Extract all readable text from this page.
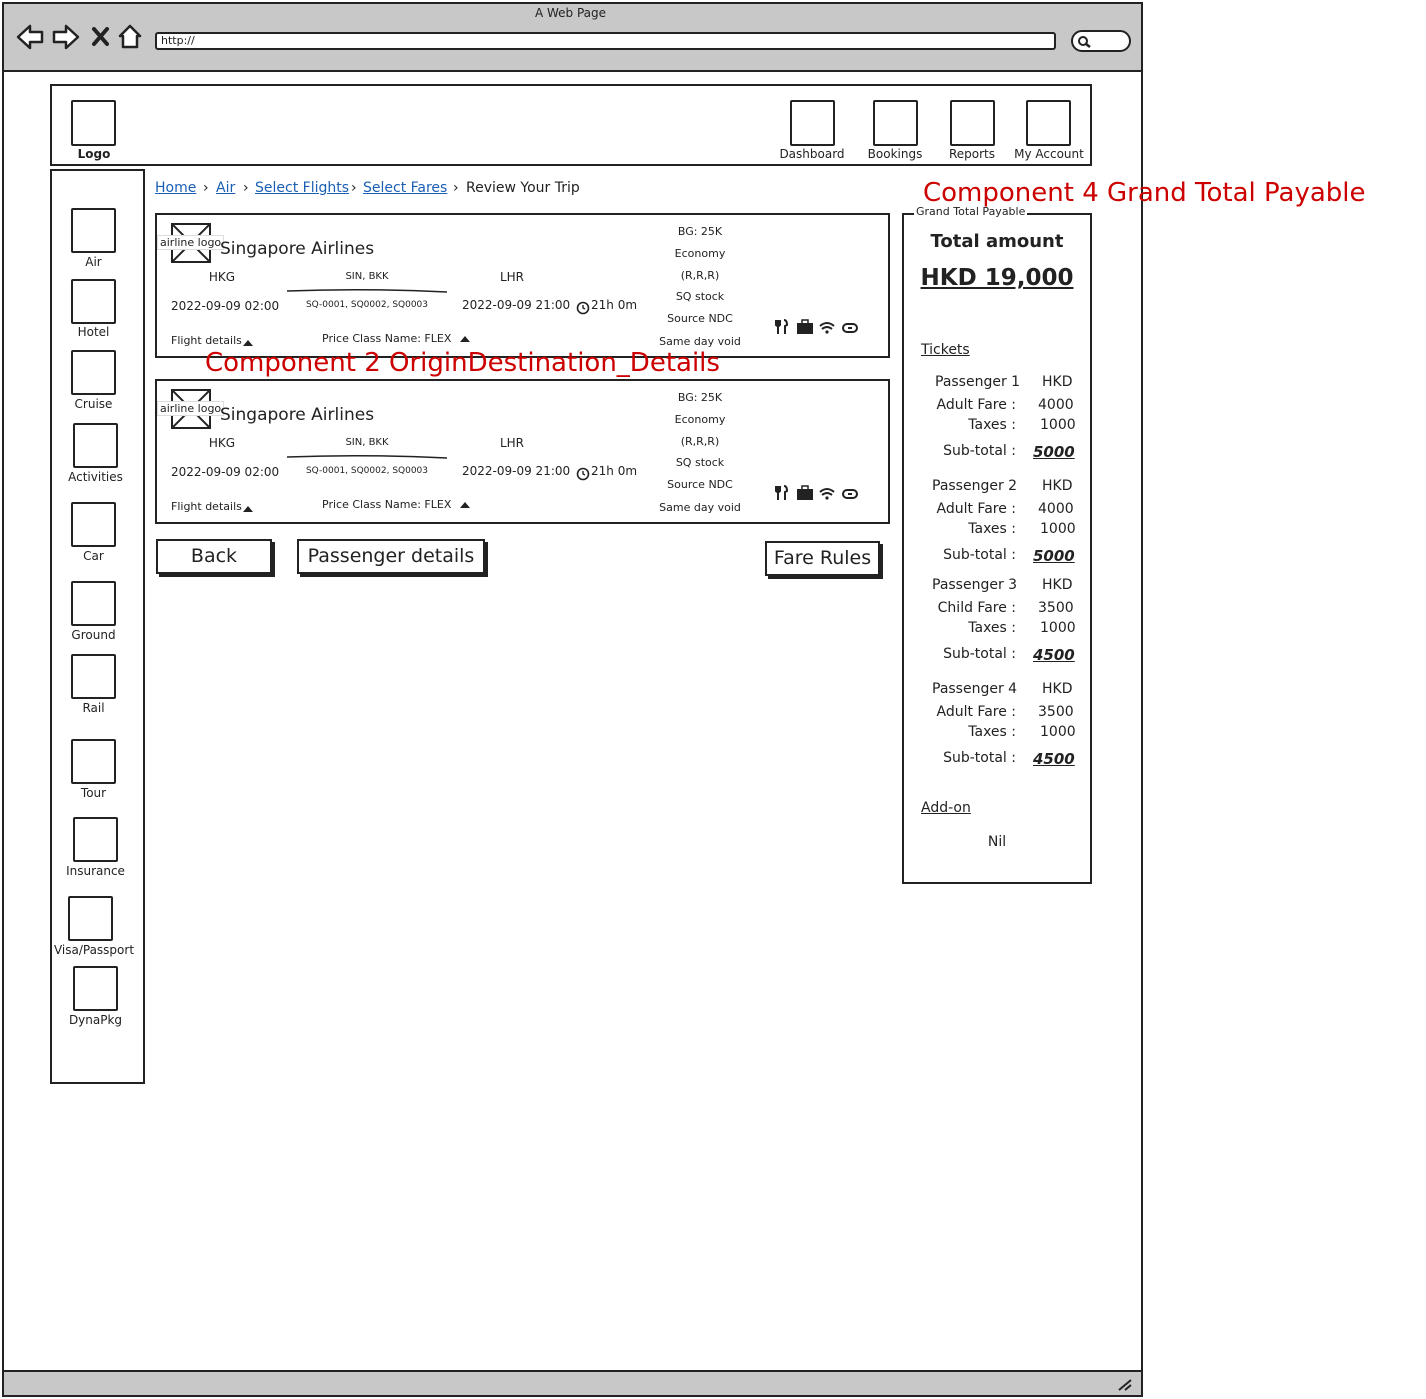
A Web Page
http://
Logo	Dashboard	Bookings	Reports	My Account
Air
Hotel
Cruise
Activities
Car
Ground
Rail
Tour
Insurance
Visa/Passport
DynaPkg
Home › Air › Select Flights › Select Fares › Review Your Trip
airline logo
Singapore Airlines
HKG	SIN, BKK	LHR
2022-09-09 02:00	SQ-0001, SQ0002, SQ0003	2022-09-09 21:00 21h 0m
Flight details	Price Class Name: FLEX
BG: 25K
Economy
(R,R,R)
SQ stock
Source NDC
Same day void
Component 2 OriginDestination_Details
airline logo
Singapore Airlines
HKG	SIN, BKK	LHR
2022-09-09 02:00	SQ-0001, SQ0002, SQ0003	2022-09-09 21:00 21h 0m
Flight details	Price Class Name: FLEX
BG: 25K
Economy
(R,R,R)
SQ stock
Source NDC
Same day void
Back	Passenger details	Fare Rules
Grand Total Payable
Component 4 Grand Total Payable
Total amount
HKD 19,000
Tickets
Passenger 1 HKD
Adult Fare : 4000
Taxes : 1000
Sub-total : 5000
Passenger 2 HKD
Adult Fare : 4000
Taxes : 1000
Sub-total : 5000
Passenger 3 HKD
Child Fare : 3500
Taxes : 1000
Sub-total : 4500
Passenger 4 HKD
Adult Fare : 3500
Taxes : 1000
Sub-total : 4500
Add-on
Nil
